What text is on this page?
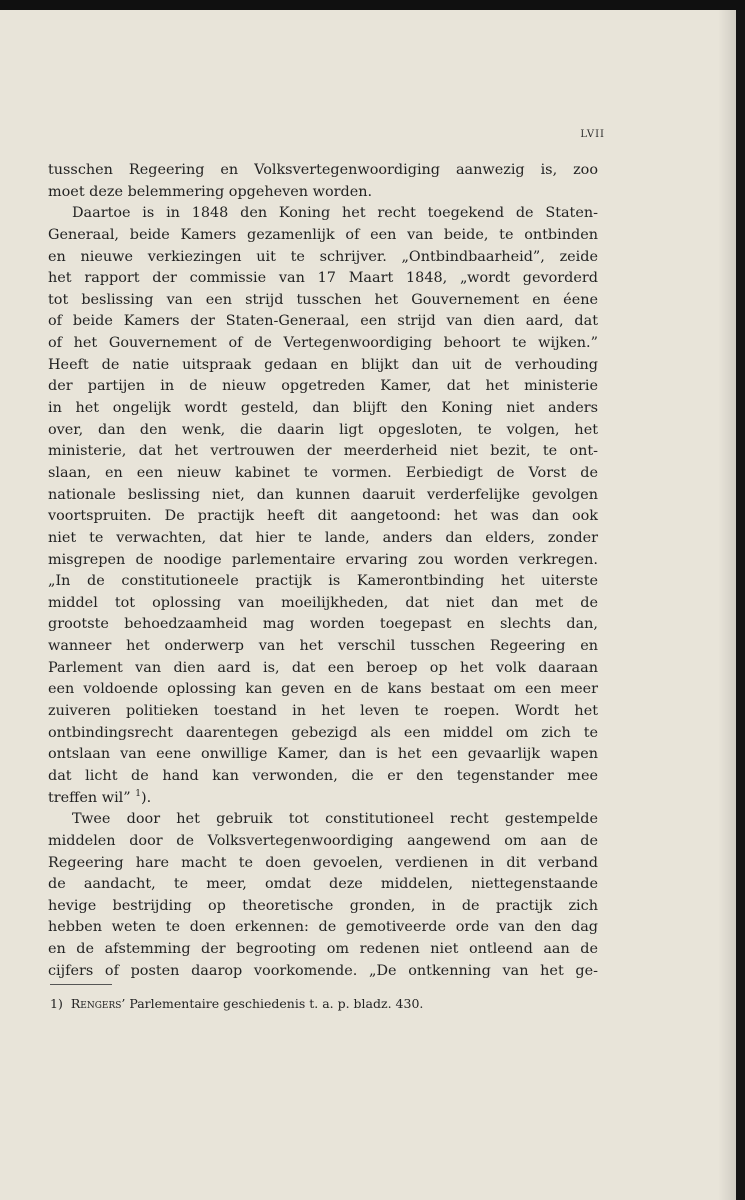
LVII
tusschen Regeering en Volksvertegenwoordiging aanwezig is, zoo
moet deze belemmering opgeheven worden.
Daartoe is in 1848 den Koning het recht toegekend de Staten-
Generaal, beide Kamers gezamenlijk of een van beide, te ontbinden
en nieuwe verkiezingen uit te schrijver. „Ontbindbaarheid”, zeide
het rapport der commissie van 17 Maart 1848, „wordt gevorderd
tot beslissing van een strijd tusschen het Gouvernement en éene
of beide Kamers der Staten-Generaal, een strijd van dien aard, dat
of het Gouvernement of de Vertegenwoordiging behoort te wijken.”
Heeft de natie uitspraak gedaan en blijkt dan uit de verhouding
der partijen in de nieuw opgetreden Kamer, dat het ministerie
in het ongelijk wordt gesteld, dan blijft den Koning niet anders
over, dan den wenk, die daarin ligt opgesloten, te volgen, het
ministerie, dat het vertrouwen der meerderheid niet bezit, te ont-
slaan, en een nieuw kabinet te vormen. Eerbiedigt de Vorst de
nationale beslissing niet, dan kunnen daaruit verderfelijke gevolgen
voortspruiten. De practijk heeft dit aangetoond: het was dan ook
niet te verwachten, dat hier te lande, anders dan elders, zonder
misgrepen de noodige parlementaire ervaring zou worden verkregen.
„In de constitutioneele practijk is Kamerontbinding het uiterste
middel tot oplossing van moeilijkheden, dat niet dan met de
grootste behoedzaamheid mag worden toegepast en slechts dan,
wanneer het onderwerp van het verschil tusschen Regeering en
Parlement van dien aard is, dat een beroep op het volk daaraan
een voldoende oplossing kan geven en de kans bestaat om een meer
zuiveren politieken toestand in het leven te roepen. Wordt het
ontbindingsrecht daarentegen gebezigd als een middel om zich te
ontslaan van eene onwillige Kamer, dan is het een gevaarlijk wapen
dat licht de hand kan verwonden, die er den tegenstander mee
treffen wil” $^1$).
Twee door het gebruik tot constitutioneel recht gestempelde
middelen door de Volksvertegenwoordiging aangewend om aan de
Regeering hare macht te doen gevoelen, verdienen in dit verband
de aandacht, te meer, omdat deze middelen, niettegenstaande
hevige bestrijding op theoretische gronden, in de practijk zich
hebben weten te doen erkennen: de gemotiveerde orde van den dag
en de afstemming der begrooting om redenen niet ontleend aan de
cijfers of posten daarop voorkomende. „De ontkenning van het ge-
1) Rengers’ Parlementaire geschiedenis t. a. p. bladz. 430.
